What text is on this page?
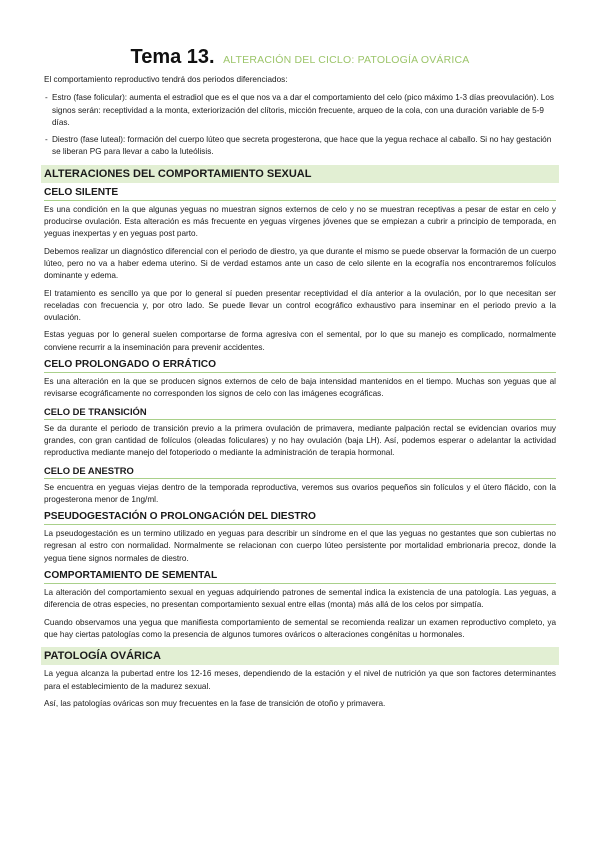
Tema 13. ALTERACIÓN DEL CICLO: PATOLOGÍA OVÁRICA

El comportamiento reproductivo tendrá dos periodos diferenciados:

- Estro (fase folicular): aumenta el estradiol que es el que nos va a dar el comportamiento del celo (pico máximo 1-3 días preovulación). Los signos serán: receptividad a la monta, exteriorización del clítoris, micción frecuente, arqueo de la cola, con una duración variable de 5-9 días.
- Diestro (fase luteal): formación del cuerpo lúteo que secreta progesterona, que hace que la yegua rechace al caballo. Si no hay gestación se liberan PG para llevar a cabo la luteólisis.
ALTERACIONES DEL COMPORTAMIENTO SEXUAL
CELO SILENTE

Es una condición en la que algunas yeguas no muestran signos externos de celo y no se muestran receptivas a pesar de estar en celo y producirse ovulación. Esta alteración es más frecuente en yeguas vírgenes jóvenes que se empiezan a cubrir a principio de temporada, en yeguas inexpertas y en yeguas post parto.

Debemos realizar un diagnóstico diferencial con el periodo de diestro, ya que durante el mismo se puede observar la formación de un cuerpo lúteo, pero no va a haber edema uterino. Si de verdad estamos ante un caso de celo silente en la ecografía nos encontraremos folículos dominante y edema.

El tratamiento es sencillo ya que por lo general sí pueden presentar receptividad el día anterior a la ovulación, por lo que necesitan ser receladas con frecuencia y, por otro lado. Se puede llevar un control ecográfico exhaustivo para inseminar en el periodo previo a la ovulación.

Estas yeguas por lo general suelen comportarse de forma agresiva con el semental, por lo que su manejo es complicado, normalmente conviene recurrir a la inseminación para prevenir accidentes.

CELO PROLONGADO O ERRÁTICO

Es una alteración en la que se producen signos externos de celo de baja intensidad mantenidos en el tiempo. Muchas son yeguas que al revisarse ecográficamente no corresponden los signos de celo con las imágenes ecográficas.

CELO DE TRANSICIÓN

Se da durante el periodo de transición previo a la primera ovulación de primavera, mediante palpación rectal se evidencian ovarios muy grandes, con gran cantidad de folículos (oleadas foliculares) y no hay ovulación (baja LH). Así, podemos esperar o adelantar la actividad reproductiva mediante manejo del fotoperiodo o mediante la administración de terapia hormonal.

CELO DE ANESTRO

Se encuentra en yeguas viejas dentro de la temporada reproductiva, veremos sus ovarios pequeños sin folículos y el útero flácido, con la progesterona menor de 1ng/ml.

PSEUDOGESTACIÓN O PROLONGACIÓN DEL DIESTRO

La pseudogestación es un termino utilizado en yeguas para describir un síndrome en el que las yeguas no gestantes que son cubiertas no regresan al estro con normalidad. Normalmente se relacionan con cuerpo lúteo persistente por mortalidad embrionaria precoz, donde la yegua tiene signos normales de diestro.

COMPORTAMIENTO DE SEMENTAL

La alteración del comportamiento sexual en yeguas adquiriendo patrones de semental indica la existencia de una patología. Las yeguas, a diferencia de otras especies, no presentan comportamiento sexual entre ellas (monta) más allá de los celos por simpatía.

Cuando observamos una yegua que manifiesta comportamiento de semental se recomienda realizar un examen reproductivo completo, ya que hay ciertas patologías como la presencia de algunos tumores ováricos o alteraciones congénitas u hormonales.

PATOLOGÍA OVÁRICA

La yegua alcanza la pubertad entre los 12-16 meses, dependiendo de la estación y el nivel de nutrición ya que son factores determinantes para el establecimiento de la madurez sexual.

Así, las patologías ováricas son muy frecuentes en la fase de transición de otoño y primavera.
